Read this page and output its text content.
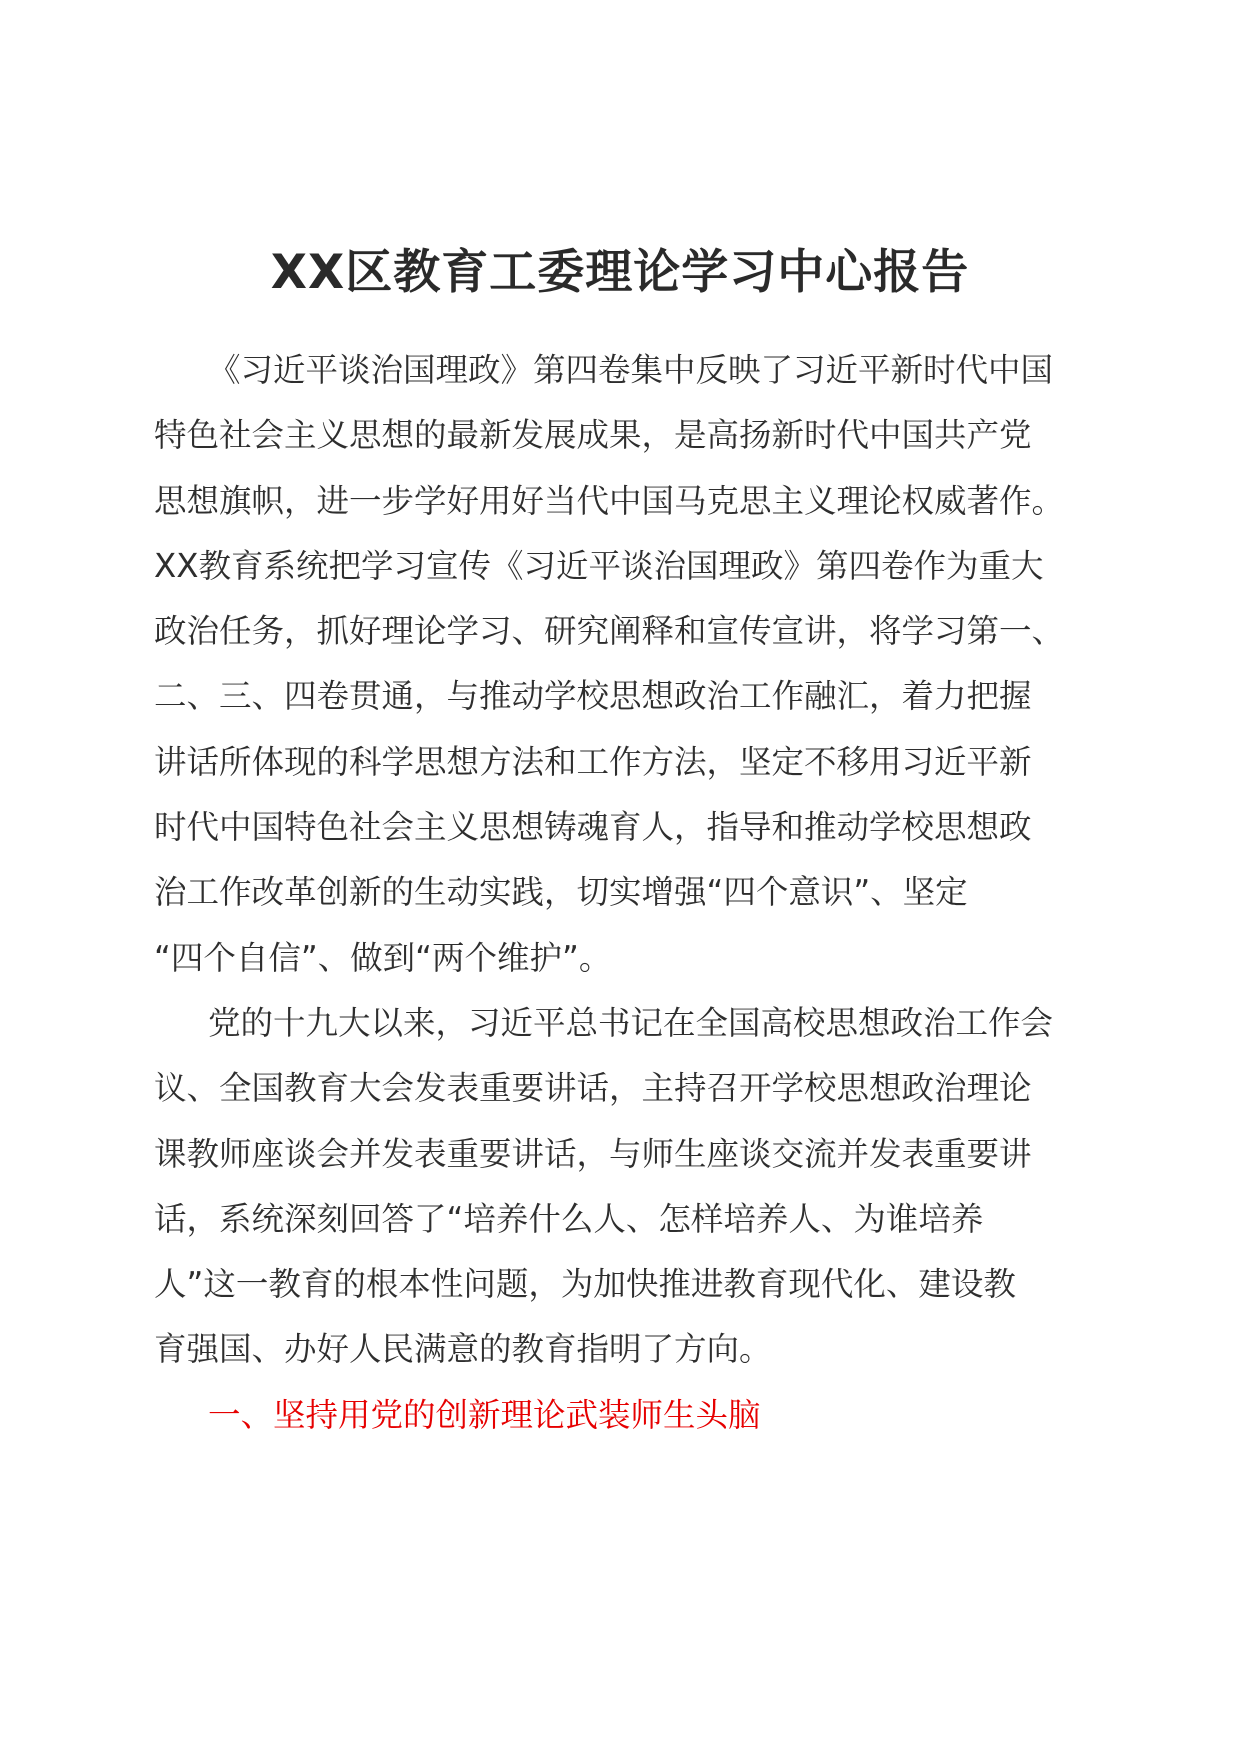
XX区教育工委理论学习中心报告
《习近平谈治国理政》第四卷集中反映了习近平新时代中国
特色社会主义思想的最新发展成果，是高扬新时代中国共产党
思想旗帜，进一步学好用好当代中国马克思主义理论权威著作。
XX教育系统把学习宣传《习近平谈治国理政》第四卷作为重大
政治任务，抓好理论学习、研究阐释和宣传宣讲，将学习第一、
二、三、四卷贯通，与推动学校思想政治工作融汇，着力把握
讲话所体现的科学思想方法和工作方法，坚定不移用习近平新
时代中国特色社会主义思想铸魂育人，指导和推动学校思想政
治工作改革创新的生动实践，切实增强“四个意识”、坚定
“四个自信”、做到“两个维护”。
党的十九大以来，习近平总书记在全国高校思想政治工作会
议、全国教育大会发表重要讲话，主持召开学校思想政治理论
课教师座谈会并发表重要讲话，与师生座谈交流并发表重要讲
话，系统深刻回答了“培养什么人、怎样培养人、为谁培养
人”这一教育的根本性问题，为加快推进教育现代化、建设教
育强国、办好人民满意的教育指明了方向。
一、坚持用党的创新理论武装师生头脑
